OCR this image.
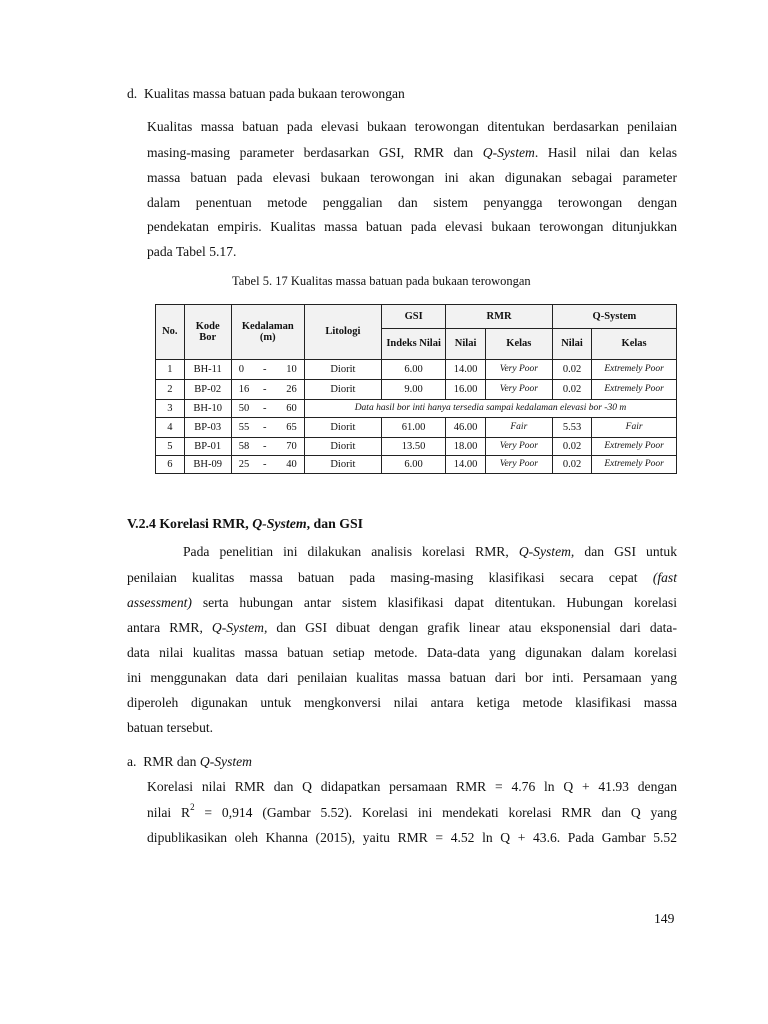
d. Kualitas massa batuan pada bukaan terowongan
Kualitas massa batuan pada elevasi bukaan terowongan ditentukan berdasarkan penilaian
masing-masing parameter berdasarkan GSI, RMR dan Q-System. Hasil nilai dan kelas
massa batuan pada elevasi bukaan terowongan ini akan digunakan sebagai parameter
dalam penentuan metode penggalian dan sistem penyangga terowongan dengan
pendekatan empiris. Kualitas massa batuan pada elevasi bukaan terowongan ditunjukkan
pada Tabel 5.17.
Tabel 5. 17 Kualitas massa batuan pada bukaan terowongan
No.	Kode Bor	Kedalaman (m)	Litologi	GSI	RMR		Q-System	
				Indeks Nilai	Nilai	Kelas	Nilai	Kelas
1	BH-11	0 - 10	Diorit	6.00	14.00	Very Poor	0.02	Extremely Poor
2	BP-02	16 - 26	Diorit	9.00	16.00	Very Poor	0.02	Extremely Poor
3	BH-10	50 - 60	Data hasil bor inti hanya tersedia sampai kedalaman elevasi bor -30 m					
4	BP-03	55 - 65	Diorit	61.00	46.00	Fair	5.53	Fair
5	BP-01	58 - 70	Diorit	13.50	18.00	Very Poor	0.02	Extremely Poor
6	BH-09	25 - 40	Diorit	6.00	14.00	Very Poor	0.02	Extremely Poor
V.2.4 Korelasi RMR, Q-System, dan GSI
Pada penelitian ini dilakukan analisis korelasi RMR, Q-System, dan GSI untuk
penilaian kualitas massa batuan pada masing-masing klasifikasi secara cepat (fast
assessment) serta hubungan antar sistem klasifikasi dapat ditentukan. Hubungan korelasi
antara RMR, Q-System, dan GSI dibuat dengan grafik linear atau eksponensial dari data-
data nilai kualitas massa batuan setiap metode. Data-data yang digunakan dalam korelasi
ini menggunakan data dari penilaian kualitas massa batuan dari bor inti. Persamaan yang
diperoleh digunakan untuk mengkonversi nilai antara ketiga metode klasifikasi massa
batuan tersebut.
a. RMR dan Q-System
Korelasi nilai RMR dan Q didapatkan persamaan RMR = 4.76 ln Q + 41.93 dengan
nilai $R^2 = 0,914$ (Gambar 5.52). Korelasi ini mendekati korelasi RMR dan Q yang
dipublikasikan oleh Khanna (2015), yaitu RMR = 4.52 ln Q + 43.6. Pada Gambar 5.52
149
